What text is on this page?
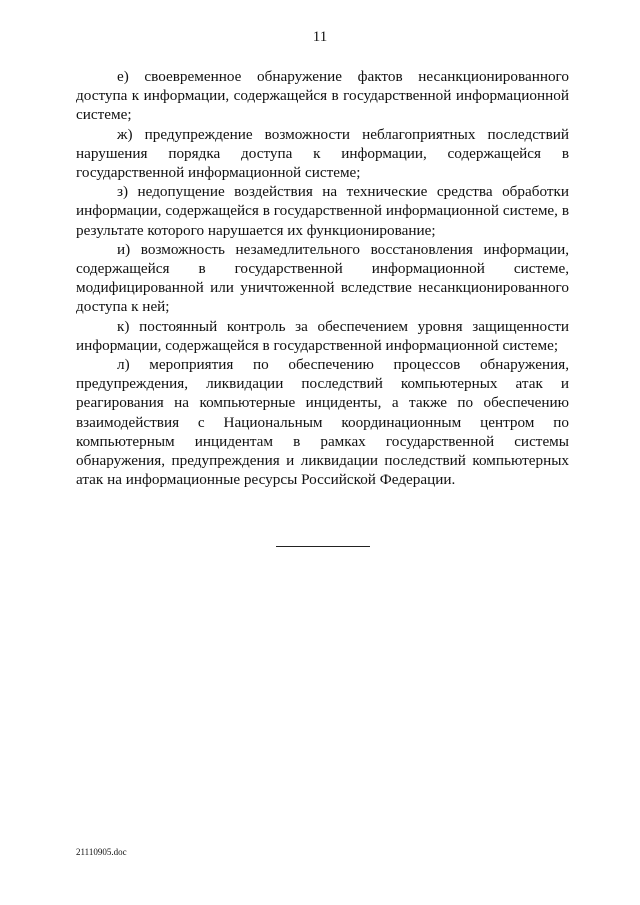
11

е) своевременное обнаружение фактов несанкционированного доступа к информации, содержащейся в государственной информационной системе;

ж) предупреждение возможности неблагоприятных последствий нарушения порядка доступа к информации, содержащейся в государственной информационной системе;

з) недопущение воздействия на технические средства обработки информации, содержащейся в государственной информационной системе, в результате которого нарушается их функционирование;

и) возможность незамедлительного восстановления информации, содержащейся в государственной информационной системе, модифицированной или уничтоженной вследствие несанкционированного доступа к ней;

к) постоянный контроль за обеспечением уровня защищенности информации, содержащейся в государственной информационной системе;

л) мероприятия по обеспечению процессов обнаружения, предупреждения, ликвидации последствий компьютерных атак и реагирования на компьютерные инциденты, а также по обеспечению взаимодействия с Национальным координационным центром по компьютерным инцидентам в рамках государственной системы обнаружения, предупреждения и ликвидации последствий компьютерных атак на информационные ресурсы Российской Федерации.

21110905.doc
